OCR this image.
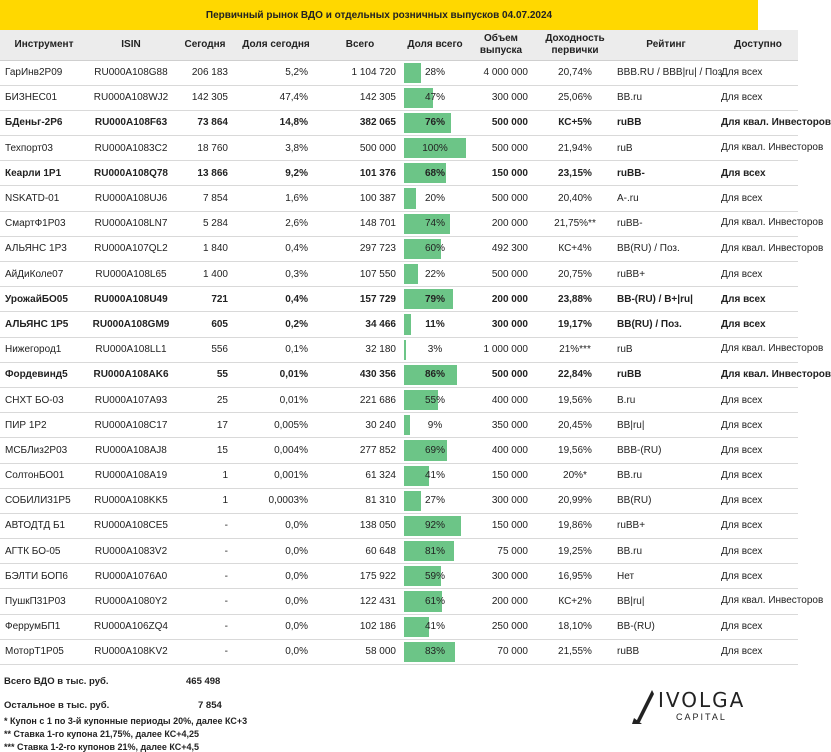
Первичный рынок ВДО и отдельных розничных выпусков 04.07.2024
Инструмент	ISIN	Сегодня	Доля сегодня	Всего	Доля всего	Объем выпуска	Доходность первички	Рейтинг	Доступно
ГарИнв2Р09	RU000A108G88	206 183	5,2%	1 104 720	28%	4 000 000	20,74%	BBB.RU / BBB|ru| / Поз.	Для всех
БИЗНЕС01	RU000A108WJ2	142 305	47,4%	142 305	47%	300 000	25,06%	BB.ru	Для всех
БДеньг-2Р6	RU000A108F63	73 864	14,8%	382 065	76%	500 000	КС+5%	ruBB	Для квал. Инвесторов
Техпорт03	RU000A1083C2	18 760	3,8%	500 000	100%	500 000	21,94%	ruB	Для квал. Инвесторов
Кеарли 1Р1	RU000A108Q78	13 866	9,2%	101 376	68%	150 000	23,15%	ruBB-	Для всех
NSKATD-01	RU000A108UJ6	7 854	1,6%	100 387	20%	500 000	20,40%	A-.ru	Для всех
СмартФ1Р03	RU000A108LN7	5 284	2,6%	148 701	74%	200 000	21,75%**	ruBB-	Для квал. Инвесторов
АЛЬЯНС 1Р3	RU000A107QL2	1 840	0,4%	297 723	60%	492 300	КС+4%	BB(RU) / Поз.	Для квал. Инвесторов
АйДиКоле07	RU000A108L65	1 400	0,3%	107 550	22%	500 000	20,75%	ruBB+	Для всех
УрожайБО05	RU000A108U49	721	0,4%	157 729	79%	200 000	23,88%	BB-(RU) / B+|ru|	Для всех
АЛЬЯНС 1Р5	RU000A108GM9	605	0,2%	34 466	11%	300 000	19,17%	BB(RU) / Поз.	Для всех
Нижегород1	RU000A108LL1	556	0,1%	32 180	3%	1 000 000	21%***	ruB	Для квал. Инвесторов
Фордевинд5	RU000A108AK6	55	0,01%	430 356	86%	500 000	22,84%	ruBB	Для квал. Инвесторов
СНХТ БО-03	RU000A107A93	25	0,01%	221 686	55%	400 000	19,56%	B.ru	Для всех
ПИР 1Р2	RU000A108C17	17	0,005%	30 240	9%	350 000	20,45%	BB|ru|	Для всех
МСБЛиз2Р03	RU000A108AJ8	15	0,004%	277 852	69%	400 000	19,56%	BBB-(RU)	Для всех
СолтонБО01	RU000A108A19	1	0,001%	61 324	41%	150 000	20%*	BB.ru	Для всех
СОБИЛИ31Р5	RU000A108KK5	1	0,0003%	81 310	27%	300 000	20,99%	BB(RU)	Для всех
АВТОДТД Б1	RU000A108CE5	-	0,0%	138 050	92%	150 000	19,86%	ruBB+	Для всех
АГТК БО-05	RU000A1083V2	-	0,0%	60 648	81%	75 000	19,25%	BB.ru	Для всех
БЭЛТИ БОП6	RU000A1076A0	-	0,0%	175 922	59%	300 000	16,95%	Нет	Для всех
ПушкП31Р03	RU000A1080Y2	-	0,0%	122 431	61%	200 000	КС+2%	BB|ru|	Для квал. Инвесторов
ФеррумБП1	RU000A106ZQ4	-	0,0%	102 186	41%	250 000	18,10%	BB-(RU)	Для всех
МоторТ1Р05	RU000A108KV2	-	0,0%	58 000	83%	70 000	21,55%	ruBB	Для всех
Всего ВДО в тыс. руб.	465 498
Остальное в тыс. руб.	7 854
* Купон с 1 по 3-й купонные периоды 20%, далее КС+3
** Ставка 1-го купона 21,75%, далее КС+4,25
*** Ставка 1-2-го купонов 21%, далее КС+4,5
IVOLGA
CAPITAL
